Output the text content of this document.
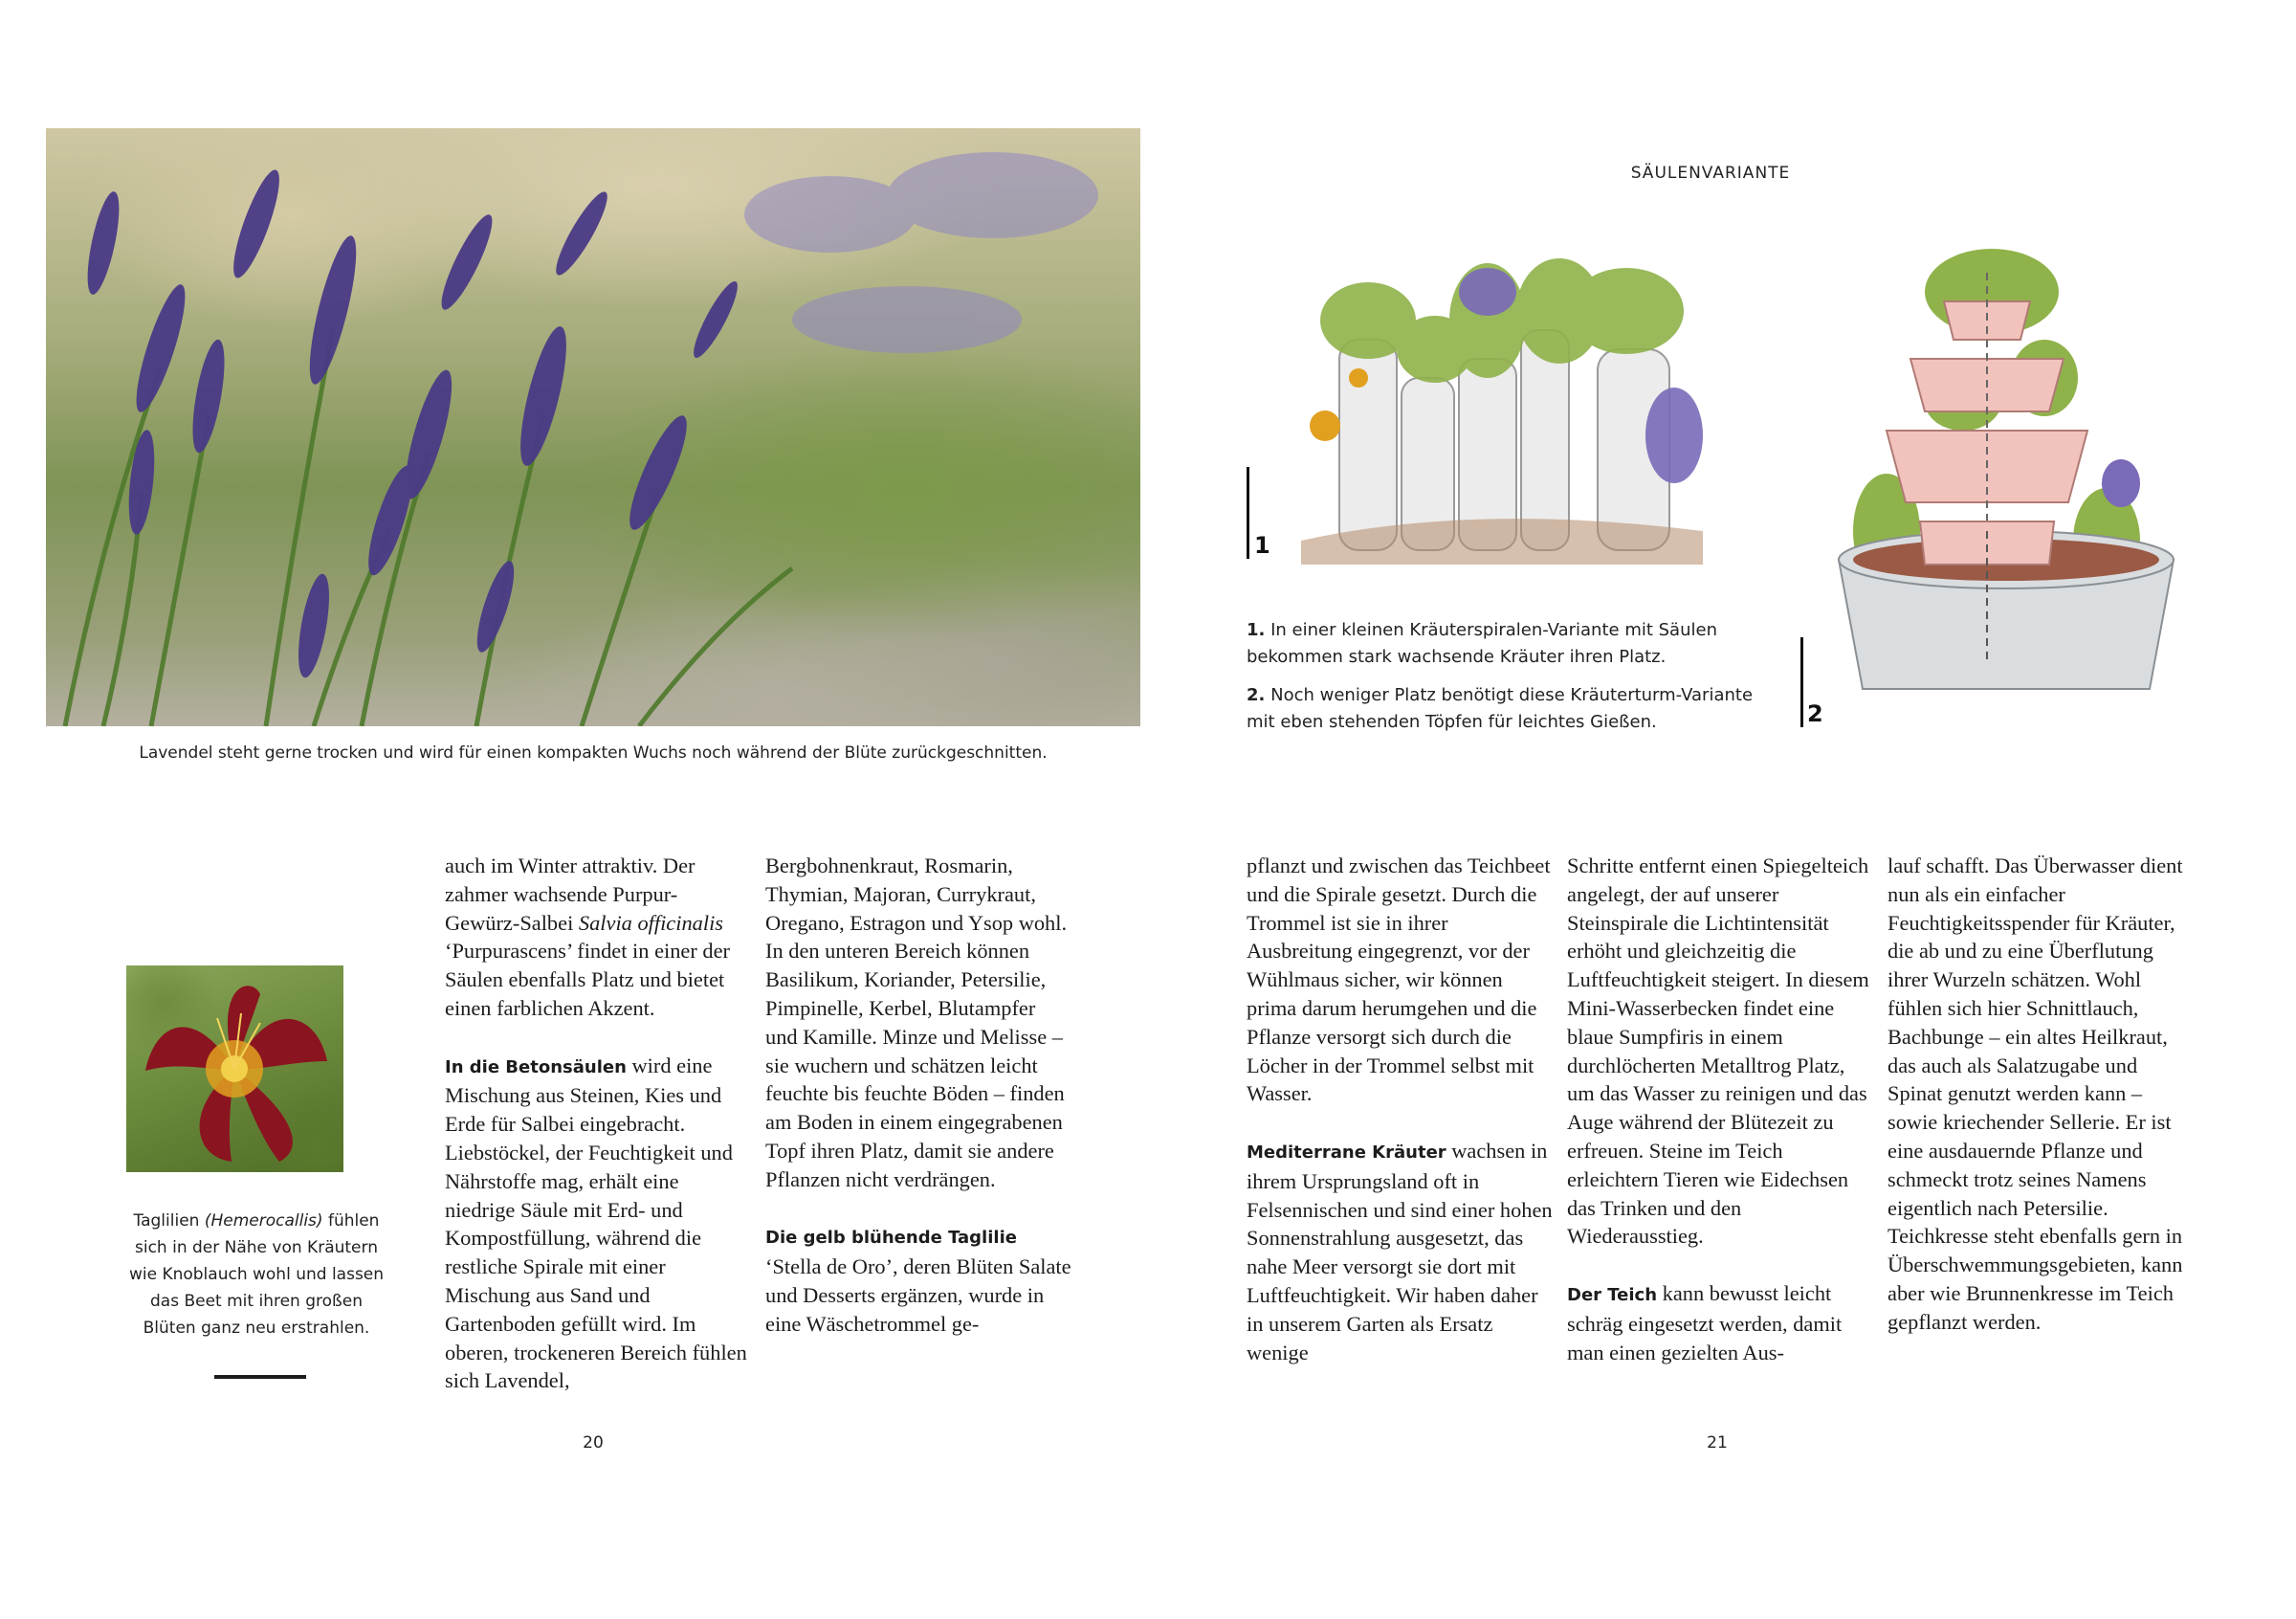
Lavendel steht gerne trocken und wird für einen kompakten Wuchs noch während der Blüte zurückgeschnitten.
Taglilien (Hemerocallis) fühlen sich in der Nähe von Kräutern wie Knoblauch wohl und lassen das Beet mit ihren großen Blüten ganz neu erstrahlen.

auch im Winter attraktiv. Der zahmer wachsende Purpur-Gewürz-Salbei Salvia officinalis ‘Purpurascens’ findet in einer der Säulen ebenfalls Platz und bietet einen farblichen Akzent.

In die Betonsäulen wird eine Mischung aus Steinen, Kies und Erde für Salbei eingebracht. Liebstöckel, der Feuchtigkeit und Nährstoffe mag, erhält eine niedrige Säule mit Erd- und Kompostfüllung, während die restliche Spirale mit einer Mischung aus Sand und Gartenboden gefüllt wird. Im oberen, trockeneren Bereich fühlen sich Lavendel,

Bergbohnenkraut, Rosmarin, Thymian, Majoran, Currykraut, Oregano, Estragon und Ysop wohl. In den unteren Bereich können Basilikum, Koriander, Petersilie, Pimpinelle, Kerbel, Blutampfer und Kamille. Minze und Melisse – sie wuchern und schätzen leicht feuchte bis feuchte Böden – finden am Boden in einem eingegrabenen Topf ihren Platz, damit sie andere Pflanzen nicht verdrängen.

Die gelb blühende Taglilie ‘Stella de Oro’, deren Blüten Salate und Desserts ergänzen, wurde in eine Wäschetrommel ge-

20
SÄULENVARIANTE
1
2
1. In einer kleinen Kräuterspiralen-Variante mit Säulen bekommen stark wachsende Kräuter ihren Platz.
2. Noch weniger Platz benötigt diese Kräuterturm-Variante mit eben stehenden Töpfen für leichtes Gießen.

pflanzt und zwischen das Teichbeet und die Spirale gesetzt. Durch die Trommel ist sie in ihrer Ausbreitung eingegrenzt, vor der Wühlmaus sicher, wir können prima darum herumgehen und die Pflanze versorgt sich durch die Löcher in der Trommel selbst mit Wasser.

Mediterrane Kräuter wachsen in ihrem Ursprungsland oft in Felsennischen und sind einer hohen Sonnenstrahlung ausgesetzt, das nahe Meer versorgt sie dort mit Luftfeuchtigkeit. Wir haben daher in unserem Garten als Ersatz wenige

Schritte entfernt einen Spiegelteich angelegt, der auf unserer Steinspirale die Lichtintensität erhöht und gleichzeitig die Luftfeuchtigkeit steigert. In diesem Mini-Wasserbecken findet eine blaue Sumpfiris in einem durchlöcherten Metalltrog Platz, um das Wasser zu reinigen und das Auge während der Blütezeit zu erfreuen. Steine im Teich erleichtern Tieren wie Eidechsen das Trinken und den Wiederausstieg.

Der Teich kann bewusst leicht schräg eingesetzt werden, damit man einen gezielten Aus-

lauf schafft. Das Überwasser dient nun als ein einfacher Feuchtigkeitsspender für Kräuter, die ab und zu eine Überflutung ihrer Wurzeln schätzen. Wohl fühlen sich hier Schnittlauch, Bachbunge – ein altes Heilkraut, das auch als Salatzugabe und Spinat genutzt werden kann – sowie kriechender Sellerie. Er ist eine ausdauernde Pflanze und schmeckt trotz seines Namens eigentlich nach Petersilie. Teichkresse steht ebenfalls gern in Überschwemmungsgebieten, kann aber wie Brunnenkresse im Teich gepflanzt werden.

21
